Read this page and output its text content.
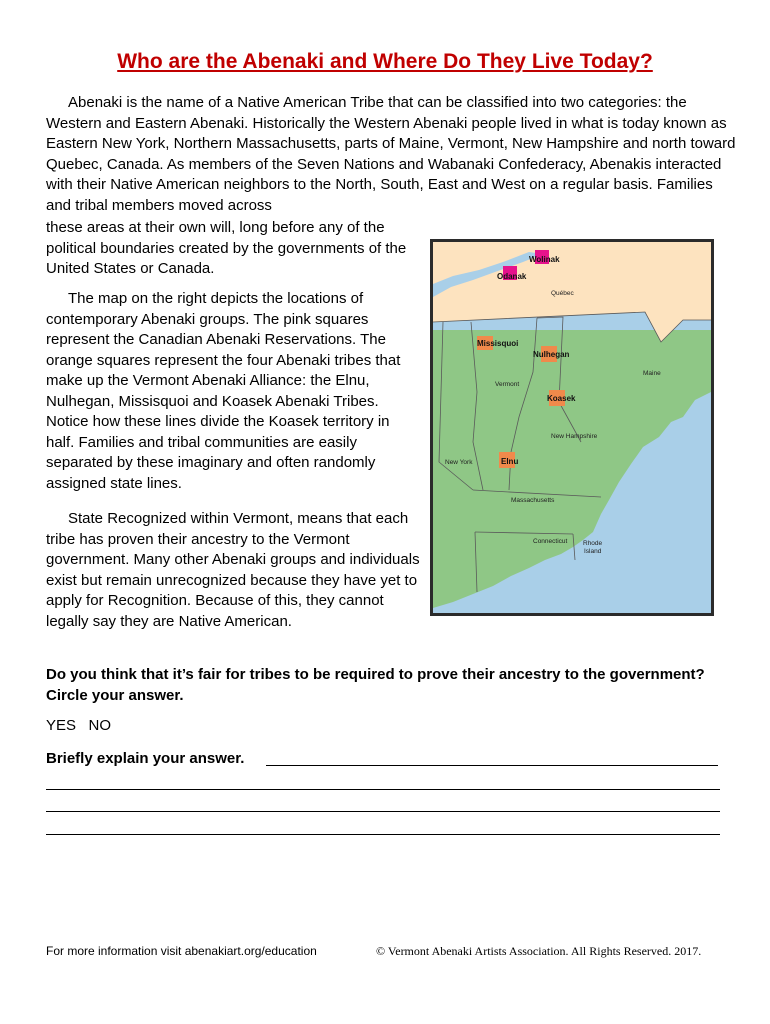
Who are the Abenaki and Where Do They Live Today?

Abenaki is the name of a Native American Tribe that can be classified into two categories: the Western and Eastern Abenaki. Historically the Western Abenaki people lived in what is today known as Eastern New York, Northern Massachusetts, parts of Maine, Vermont, New Hampshire and north toward Quebec, Canada. As members of the Seven Nations and Wabanaki Confederacy, Abenakis interacted with their Native American neighbors to the North, South, East and West on a regular basis. Families and tribal members moved across

these areas at their own will, long before any of the political boundaries created by the governments of the United States or Canada.

The map on the right depicts the locations of contemporary Abenaki groups. The pink squares represent the Canadian Abenaki Reservations. The orange squares represent the four Abenaki tribes that make up the Vermont Abenaki Alliance: the Elnu, Nulhegan, Missisquoi and Koasek Abenaki Tribes. Notice how these lines divide the Koasek territory in half. Families and tribal communities are easily separated by these imaginary and often randomly assigned state lines.

State Recognized within Vermont, means that each tribe has proven their ancestry to the Vermont government. Many other Abenaki groups and individuals exist but remain unrecognized because they have yet to apply for Recognition. Because of this, they cannot legally say they are Native American.

Wolinak
Odanak
Québec
Missisquoi
Nulhegan
Maine
Vermont
Koasek
New Hampshire
New York	Elnu
Massachusetts
Connecticut Rhode
Island

Do you think that it’s fair for tribes to be required to prove their ancestry to the government? Circle your answer.

YES   NO
Briefly explain your answer.
For more information visit abenakiart.org/education	© Vermont Abenaki Artists Association. All Rights Reserved. 2017.
